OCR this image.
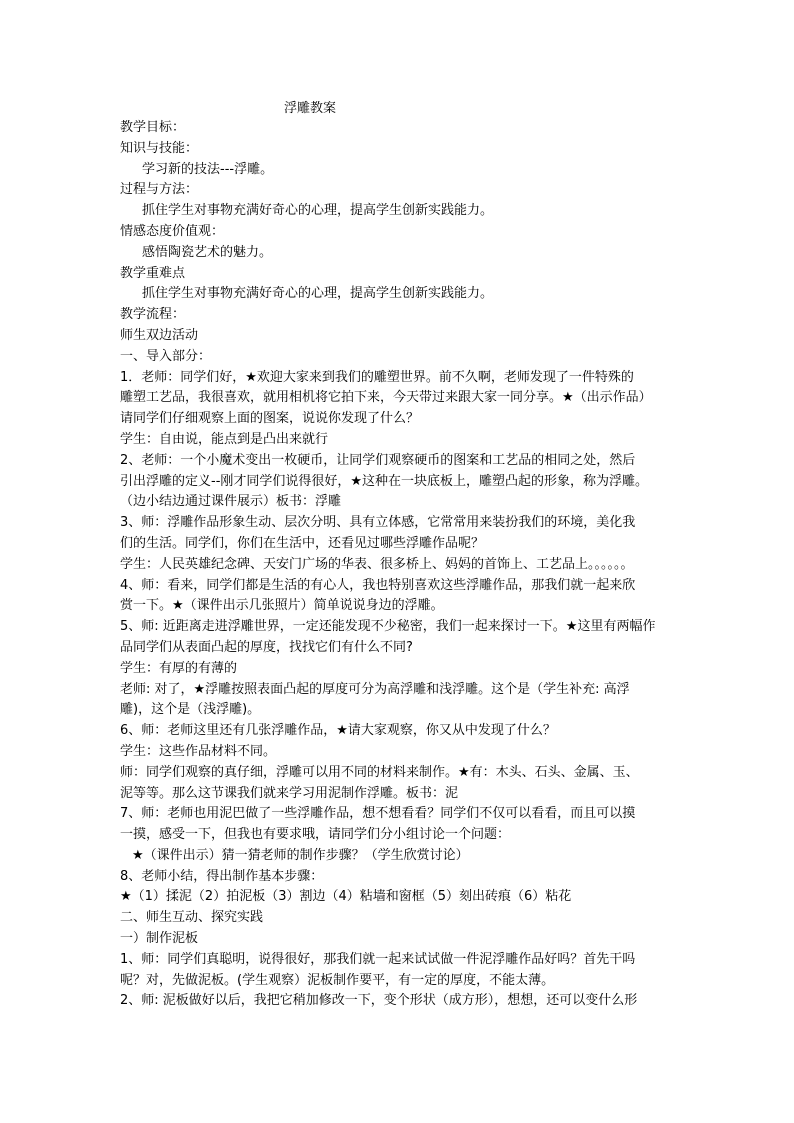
浮雕教案
教学目标：
知识与技能：
学习新的技法---浮雕。
过程与方法：
抓住学生对事物充满好奇心的心理，提高学生创新实践能力。
情感态度价值观：
感悟陶瓷艺术的魅力。
教学重难点
抓住学生对事物充满好奇心的心理，提高学生创新实践能力。
教学流程：
师生双边活动
一、导入部分：
1．老师：同学们好，★欢迎大家来到我们的雕塑世界。前不久啊，老师发现了一件特殊的
雕塑工艺品，我很喜欢，就用相机将它拍下来，今天带过来跟大家一同分享。★（出示作品）
请同学们仔细观察上面的图案，说说你发现了什么？
学生：自由说，能点到是凸出来就行
2、老师：一个小魔术变出一枚硬币，让同学们观察硬币的图案和工艺品的相同之处，然后
引出浮雕的定义--刚才同学们说得很好，★这种在一块底板上，雕塑凸起的形象，称为浮雕。
（边小结边通过课件展示）板书：浮雕
3、师：浮雕作品形象生动、层次分明、具有立体感，它常常用来装扮我们的环境，美化我
们的生活。同学们，你们在生活中，还看见过哪些浮雕作品呢？
学生：人民英雄纪念碑、天安门广场的华表、很多桥上、妈妈的首饰上、工艺品上。。。。。。
4、师：看来，同学们都是生活的有心人，我也特别喜欢这些浮雕作品，那我们就一起来欣
赏一下。★（课件出示几张照片）简单说说身边的浮雕。
5、师: 近距离走进浮雕世界，一定还能发现不少秘密，我们一起来探讨一下。★这里有两幅作
品同学们从表面凸起的厚度，找找它们有什么不同?
学生：有厚的有薄的
老师: 对了，★浮雕按照表面凸起的厚度可分为高浮雕和浅浮雕。这个是（学生补充: 高浮
雕)，这个是（浅浮雕)。
6、师：老师这里还有几张浮雕作品，★请大家观察，你又从中发现了什么？
学生：这些作品材料不同。
师：同学们观察的真仔细，浮雕可以用不同的材料来制作。★有：木头、石头、金属、玉、
泥等等。那么这节课我们就来学习用泥制作浮雕。板书：泥
7、师：老师也用泥巴做了一些浮雕作品，想不想看看？同学们不仅可以看看，而且可以摸
一摸，感受一下，但我也有要求哦，请同学们分小组讨论一个问题：
★（课件出示）猜一猜老师的制作步骤？（学生欣赏讨论）
8、老师小结，得出制作基本步骤：
★（1）揉泥（2）拍泥板（3）割边（4）粘墙和窗框（5）刻出砖痕（6）粘花
二、师生互动、探究实践
一）制作泥板
1、师：同学们真聪明，说得很好，那我们就一起来试试做一件泥浮雕作品好吗？首先干吗
呢？对，先做泥板。(学生观察）泥板制作要平，有一定的厚度，不能太薄。
2、师: 泥板做好以后，我把它稍加修改一下，变个形状（成方形），想想，还可以变什么形
